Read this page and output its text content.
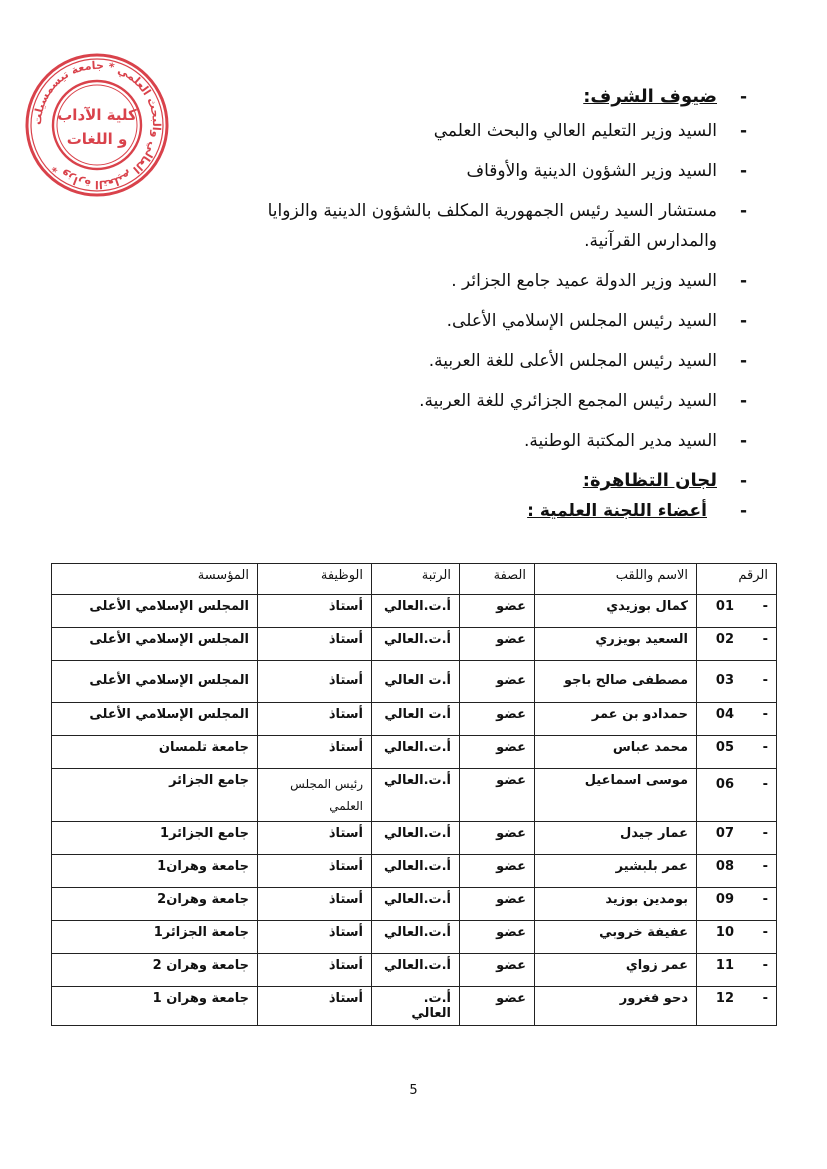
وزارة التعليم العالي والبحث العلمي * جامعة تيسمسيلت *
كلية الآداب
و اللغات
- ضيوف الشرف:
- السيد وزير التعليم العالي والبحث العلمي
- السيد وزير الشؤون الدينية والأوقاف
- مستشار السيد رئيس الجمهورية المكلف بالشؤون الدينية والزوايا
والمدارس القرآنية.
- السيد وزير الدولة عميد جامع الجزائر .
- السيد رئيس المجلس الإسلامي الأعلى.
- السيد رئيس المجلس الأعلى للغة العربية.
- السيد رئيس المجمع الجزائري للغة العربية.
- السيد مدير المكتبة الوطنية.
- لجان التظاهرة:
- أعضاء اللجنة العلمية :
الرقم	الاسم واللقب	الصفة	الرتبة	الوظيفة	المؤسسة

-
01	كمال بوزيدي	عضو	أ.ت.العالي	أستاذ	المجلس الإسلامي الأعلى

-
02	السعيد بويزري	عضو	أ.ت.العالي	أستاذ	المجلس الإسلامي الأعلى

-
03	مصطفى صالح باجو	عضو	أ.ت العالي	أستاذ	المجلس الإسلامي الأعلى

-
04	حمدادو بن عمر	عضو	أ.ت العالي	أستاذ	المجلس الإسلامي الأعلى

-
05	محمد عباس	عضو	أ.ت.العالي	أستاذ	جامعة تلمسان

-
06	موسى اسماعيل	عضو	أ.ت.العالي	رئيس المجلس العلمي	جامع الجزائر

-
07	عمار جيدل	عضو	أ.ت.العالي	أستاذ	جامع الجزائر1

-
08	عمر بلبشير	عضو	أ.ت.العالي	أستاذ	جامعة وهران1

-
09	بومدين بوزيد	عضو	أ.ت.العالي	أستاذ	جامعة وهران2

-
10	عفيفة خروبي	عضو	أ.ت.العالي	أستاذ	جامعة الجزائر1

-
11	عمر زواي	عضو	أ.ت.العالي	أستاذ	جامعة وهران 2

-
12	دحو فغرور	عضو	أ.ت. العالي	أستاذ	جامعة وهران 1
5
